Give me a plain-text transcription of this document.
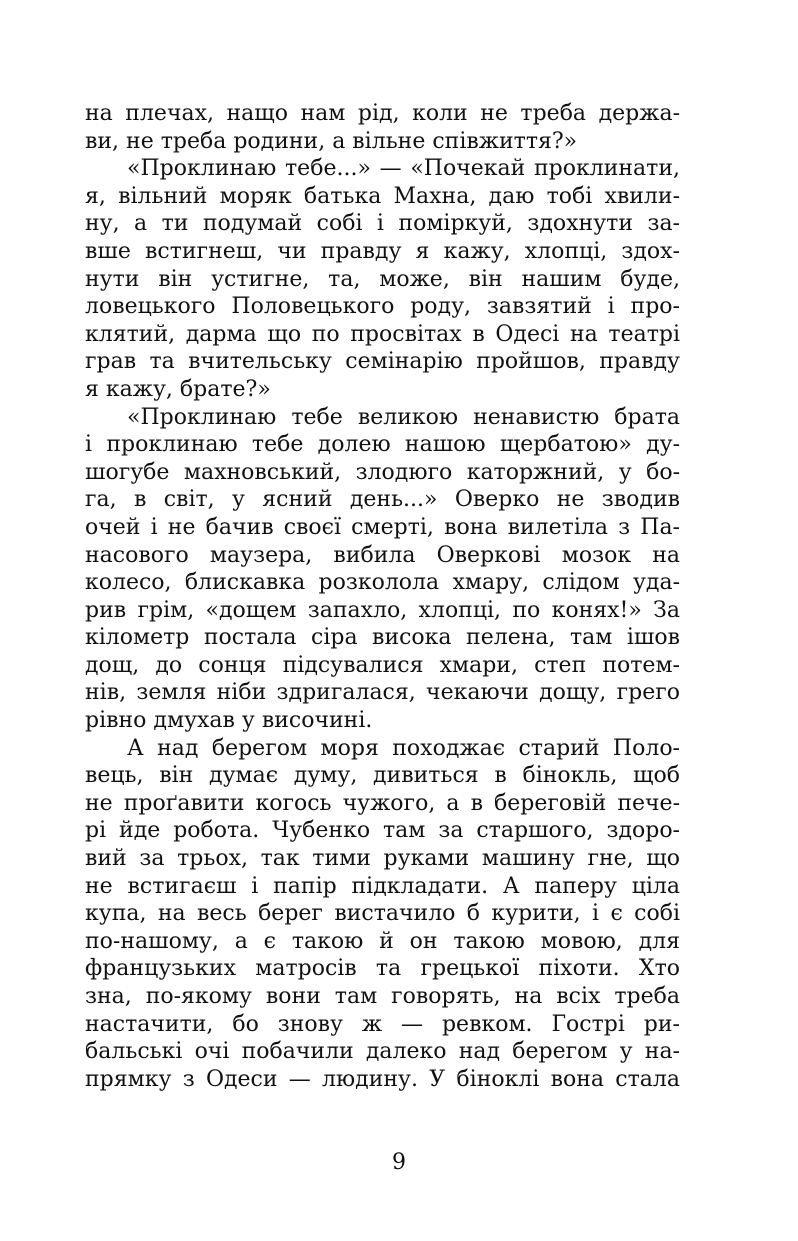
на плечах, нащо нам рід, коли не треба держа-
ви, не треба родини, а вільне співжиття?»
«Проклинаю тебе...» — «Почекай проклинати,
я, вільний моряк батька Махна, даю тобі хвили-
ну, а ти подумай собі і поміркуй, здохнути за-
вше встигнеш, чи правду я кажу, хлопці, здох-
нути він устигне, та, може, він нашим буде,
ловецького Половецького роду, завзятий і про-
клятий, дарма що по просвітах в Одесі на театрі
грав та вчительську семінарію пройшов, правду
я кажу, брате?»
«Проклинаю тебе великою ненавистю брата
і проклинаю тебе долею нашою щербатою» ду-
шогубе махновський, злодюго каторжний, у бо-
га, в світ, у ясний день...» Оверко не зводив
очей і не бачив своєї смерті, вона вилетіла з Па-
насового маузера, вибила Оверкові мозок на
колесо, блискавка розколола хмару, слідом уда-
рив грім, «дощем запахло, хлопці, по конях!» За
кілометр постала сіра висока пелена, там ішов
дощ, до сонця підсувалися хмари, степ потем-
нів, земля ніби здригалася, чекаючи дощу, грего
рівно дмухав у височині.
А над берегом моря походжає старий Поло-
вець, він думає думу, дивиться в бінокль, щоб
не проґавити когось чужого, а в береговій пече-
рі йде робота. Чубенко там за старшого, здоро-
вий за трьох, так тими руками машину гне, що
не встигаєш і папір підкладати. А паперу ціла
купа, на весь берег вистачило б курити, і є собі
по-нашому, а є такою й он такою мовою, для
французьких матросів та грецької піхоти. Хто
зна, по-якому вони там говорять, на всіх треба
настачити, бо знову ж — ревком. Гострі ри-
бальські очі побачили далеко над берегом у на-
прямку з Одеси — людину. У біноклі вона стала
9
